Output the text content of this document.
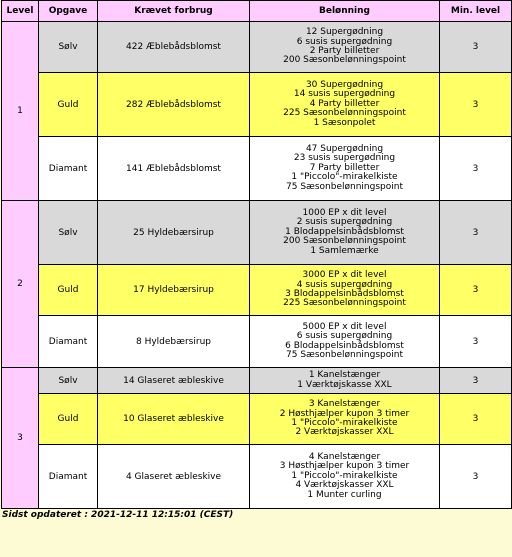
Level	Opgave	Krævet forbrug	Belønning	Min. level
1	Sølv	422 Æblebådsblomst	12 Supergødning
6 susis supergødning
2 Party billetter
200 Sæsonbelønningspoint	3
	Guld	282 Æblebådsblomst	30 Supergødning
14 susis supergødning
4 Party billetter
225 Sæsonbelønningspoint
1 Sæsonpolet	3
	Diamant	141 Æblebådsblomst	47 Supergødning
23 susis supergødning
7 Party billetter
1 "Piccolo"-mirakelkiste
75 Sæsonbelønningspoint	3
2	Sølv	25 Hyldebærsirup	1000 EP x dit level
2 susis supergødning
1 Blodappelsinbådsblomst
200 Sæsonbelønningspoint
1 Samlemærke	3
	Guld	17 Hyldebærsirup	3000 EP x dit level
4 susis supergødning
3 Blodappelsinbådsblomst
225 Sæsonbelønningspoint	3
	Diamant	8 Hyldebærsirup	5000 EP x dit level
6 susis supergødning
6 Blodappelsinbådsblomst
75 Sæsonbelønningspoint	3
3	Sølv	14 Glaseret æbleskive	1 Kanelstænger
1 Værktøjskasse XXL	3
	Guld	10 Glaseret æbleskive	3 Kanelstænger
2 Høsthjælper kupon 3 timer
1 "Piccolo"-mirakelkiste
2 Værktøjskasser XXL	3
	Diamant	4 Glaseret æbleskive	4 Kanelstænger
3 Høsthjælper kupon 3 timer
1 "Piccolo"-mirakelkiste
4 Værktøjskasser XXL
1 Munter curling	3
Sidst opdateret : 2021-12-11 12:15:01 (CEST)
